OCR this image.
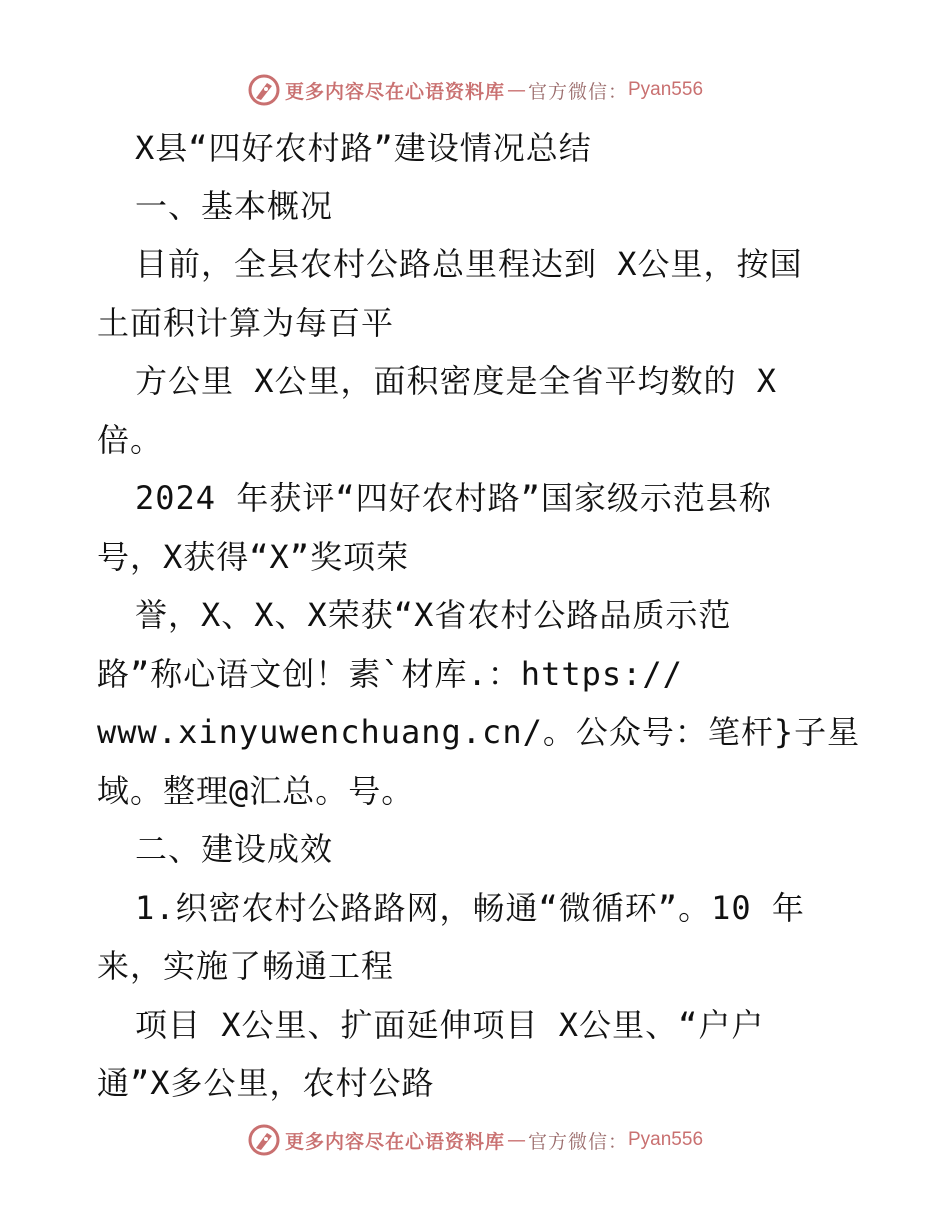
更多内容尽在心语资料库 — 官方微信： Pyan556
X县“四好农村路”建设情况总结
一、基本概况
目前，全县农村公路总里程达到 X公里，按国
土面积计算为每百平
方公里 X公里，面积密度是全省平均数的 X
倍。
2024 年获评“四好农村路”国家级示范县称
号，X获得“X”奖项荣
誉，X、X、X荣获“X省农村公路品质示范
路”称心语文创！素`材库.：https://
www.xinyuwenchuang.cn/。公众号：笔杆}子星
域。整理@汇总。号。
二、建设成效
1.织密农村公路路网，畅通“微循环”。10 年
来，实施了畅通工程
项目 X公里、扩面延伸项目 X公里、“户户
通”X多公里，农村公路
更多内容尽在心语资料库 — 官方微信： Pyan556
